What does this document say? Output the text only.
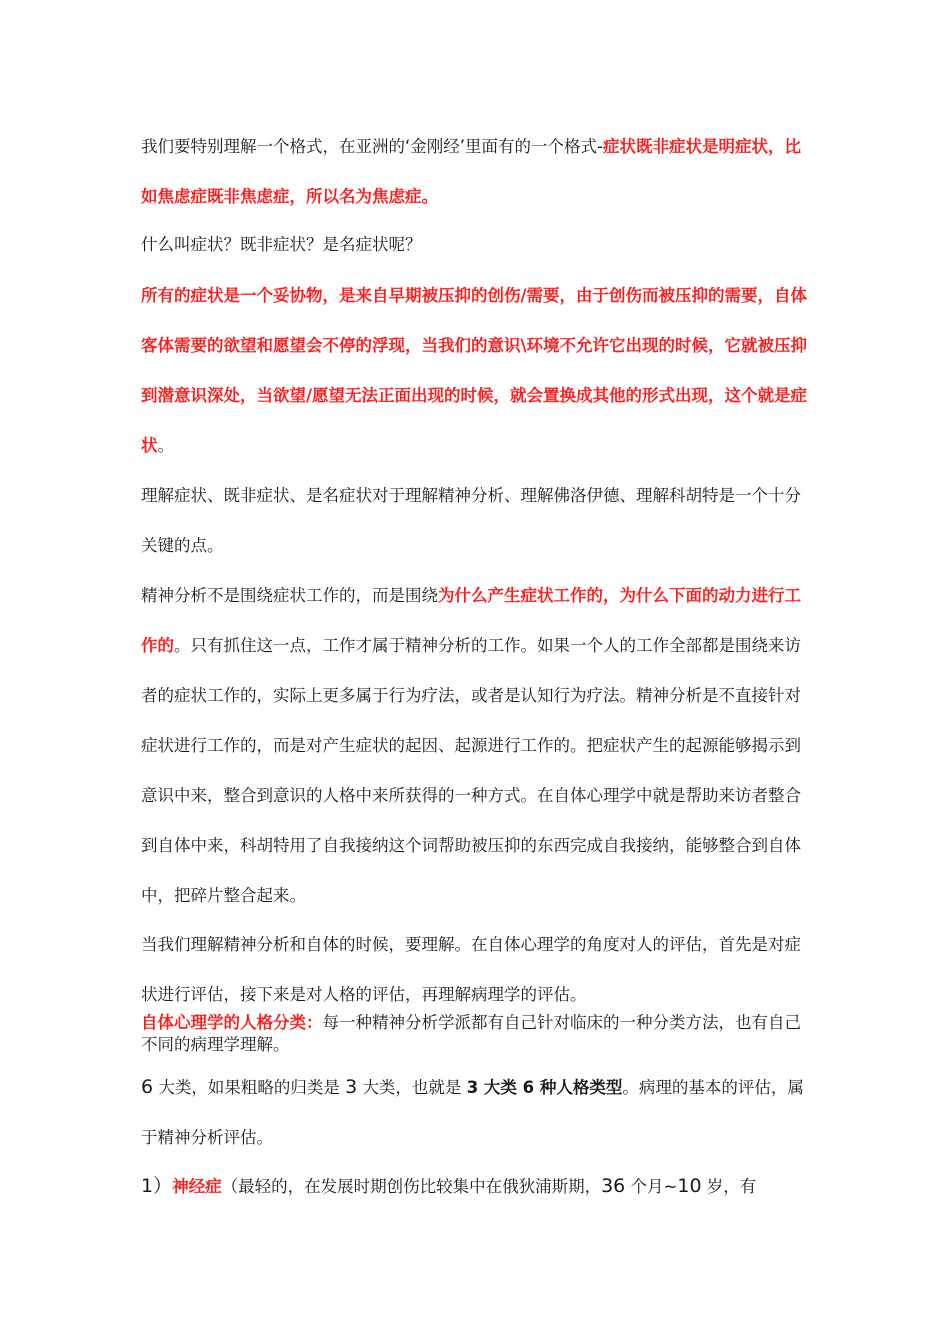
我们要特别理解一个格式，在亚洲的‘金刚经’里面有的一个格式-症状既非症状是明症状，比如焦虑症既非焦虑症，所以名为焦虑症。

什么叫症状？既非症状？是名症状呢？

所有的症状是一个妥协物，是来自早期被压抑的创伤/需要，由于创伤而被压抑的需要，自体客体需要的欲望和愿望会不停的浮现，当我们的意识\环境不允许它出现的时候，它就被压抑到潜意识深处，当欲望/愿望无法正面出现的时候，就会置换成其他的形式出现，这个就是症状。

理解症状、既非症状、是名症状对于理解精神分析、理解佛洛伊德、理解科胡特是一个十分关键的点。

精神分析不是围绕症状工作的，而是围绕为什么产生症状工作的，为什么下面的动力进行工作的。只有抓住这一点，工作才属于精神分析的工作。如果一个人的工作全部都是围绕来访者的症状工作的，实际上更多属于行为疗法，或者是认知行为疗法。精神分析是不直接针对症状进行工作的，而是对产生症状的起因、起源进行工作的。把症状产生的起源能够揭示到意识中来，整合到意识的人格中来所获得的一种方式。在自体心理学中就是帮助来访者整合到自体中来，科胡特用了自我接纳这个词帮助被压抑的东西完成自我接纳，能够整合到自体中，把碎片整合起来。

当我们理解精神分析和自体的时候，要理解。在自体心理学的角度对人的评估，首先是对症状进行评估，接下来是对人格的评估，再理解病理学的评估。

自体心理学的人格分类：每一种精神分析学派都有自己针对临床的一种分类方法，也有自己不同的病理学理解。

6 大类，如果粗略的归类是 3 大类，也就是 3 大类 6 种人格类型。病理的基本的评估，属于精神分析评估。

1）神经症（最轻的，在发展时期创伤比较集中在俄狄浦斯期，36 个月~10 岁，有
